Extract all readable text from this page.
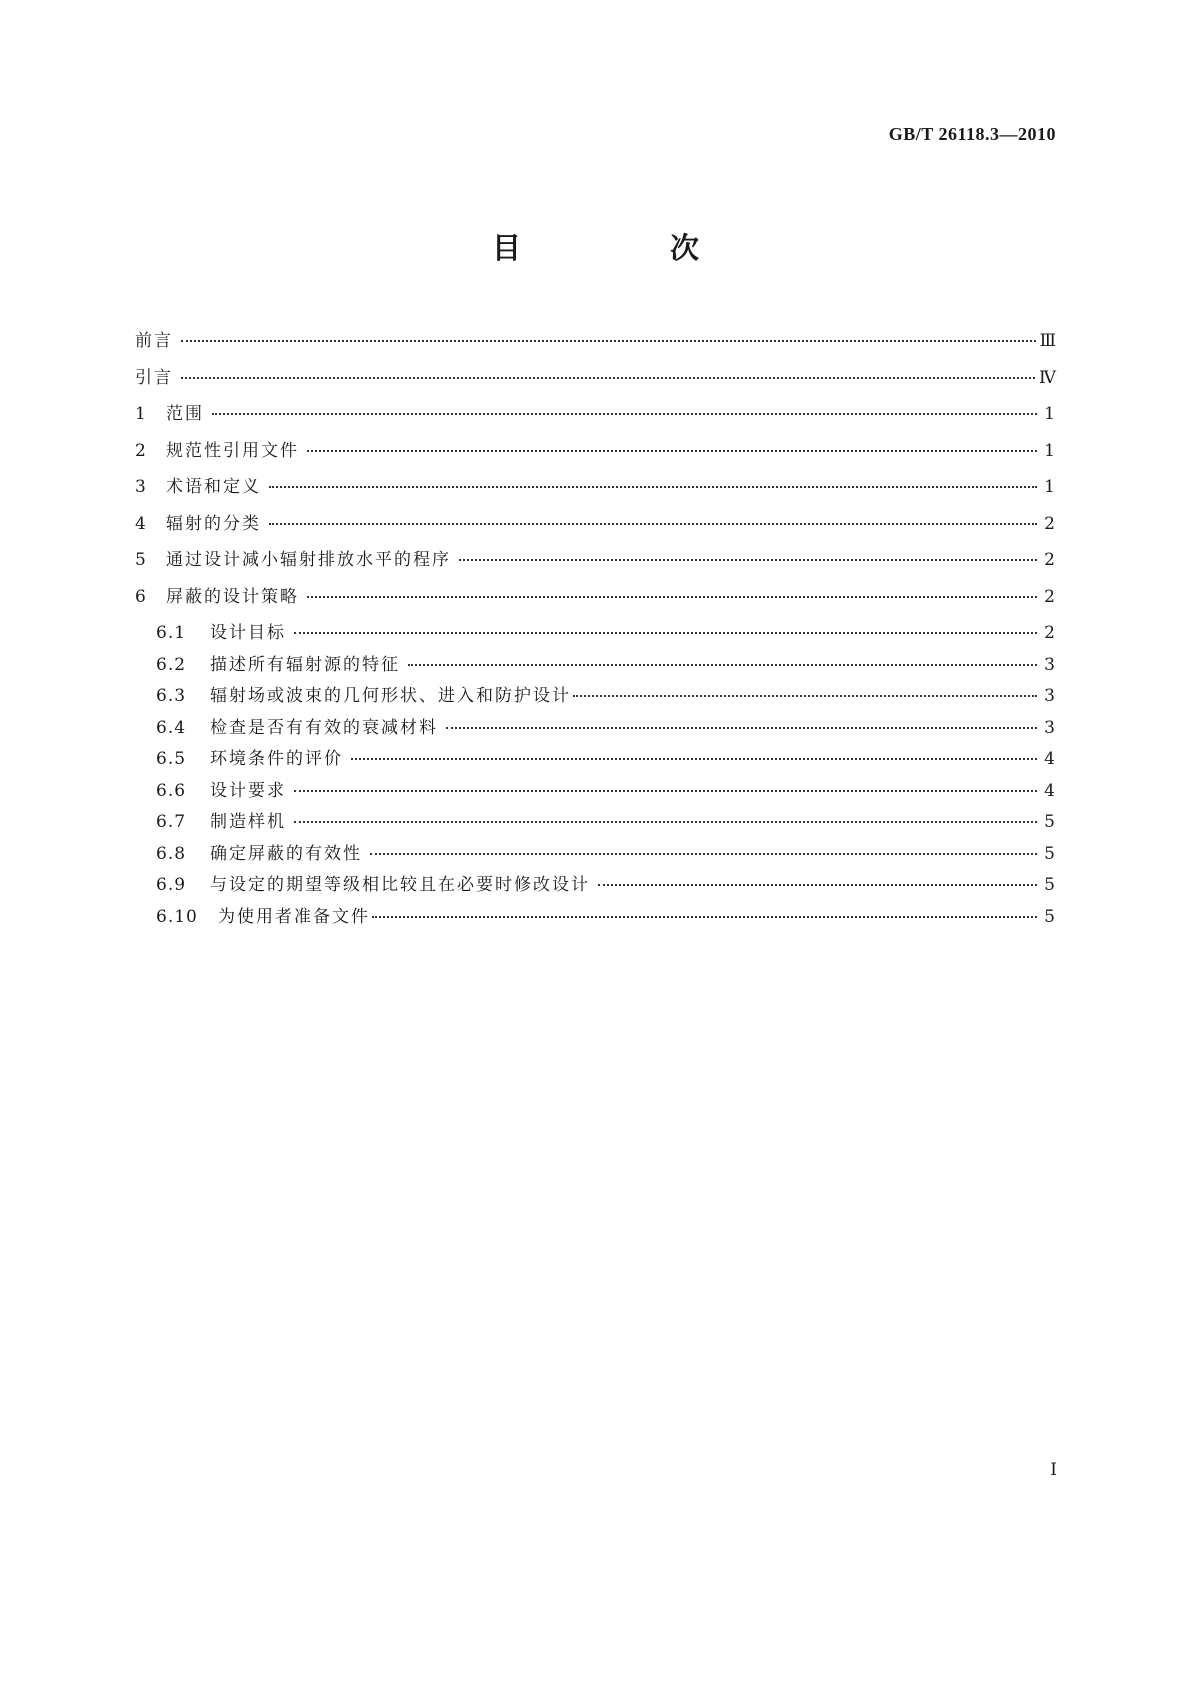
GB/T 26118.3—2010
目　次
前言	Ⅲ
引言	Ⅳ
1	范围	1
2	规范性引用文件	1
3	术语和定义	1
4	辐射的分类	2
5	通过设计减小辐射排放水平的程序	2
6	屏蔽的设计策略	2
6.1	设计目标	2
6.2	描述所有辐射源的特征	3
6.3	辐射场或波束的几何形状、进入和防护设计	3
6.4	检查是否有有效的衰减材料	3
6.5	环境条件的评价	4
6.6	设计要求	4
6.7	制造样机	5
6.8	确定屏蔽的有效性	5
6.9	与设定的期望等级相比较且在必要时修改设计	5
6.10	为使用者准备文件	5
I
